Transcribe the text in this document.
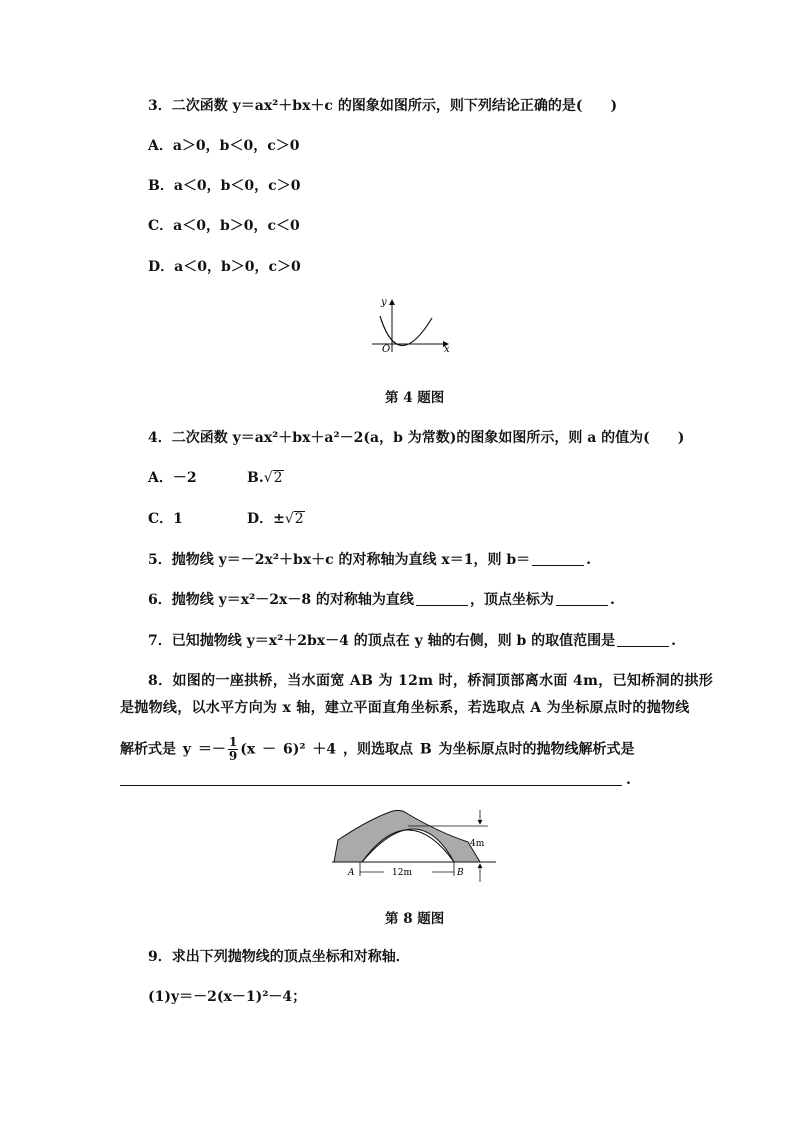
3．二次函数 y＝ax²＋bx＋c 的图象如图所示，则下列结论正确的是(　　)
A．a＞0，b＜0，c＞0
B．a＜0，b＜0，c＞0
C．a＜0，b＞0，c＜0
D．a＜0，b＞0，c＞0
y
x
O
第 4 题图
4．二次函数 y＝ax²＋bx＋a²－2(a，b 为常数)的图象如图所示，则 a 的值为(　　)
A．－2	B.√2
C．1	D．±√2
5．抛物线 y＝－2x²＋bx＋c 的对称轴为直线 x＝1，则 b＝	.
6．抛物线 y＝x²－2x－8 的对称轴为直线	，顶点坐标为	.
7．已知抛物线 y＝x²＋2bx－4 的顶点在 y 轴的右侧，则 b 的取值范围是	.
8．如图的一座拱桥，当水面宽 AB 为 12m 时，桥洞顶部离水面 4m，已知桥洞的拱形
是抛物线，以水平方向为 x 轴，建立平面直角坐标系，若选取点 A 为坐标原点时的抛物线
解析式是 $y =- \frac{1}{9} (x - 6)^2 +4$ ，则选取点 B 为坐标原点时的抛物线解析式是
.
4m
12m
A	B
第 8 题图
9．求出下列抛物线的顶点坐标和对称轴．
(1)y＝－2(x－1)²－4；
